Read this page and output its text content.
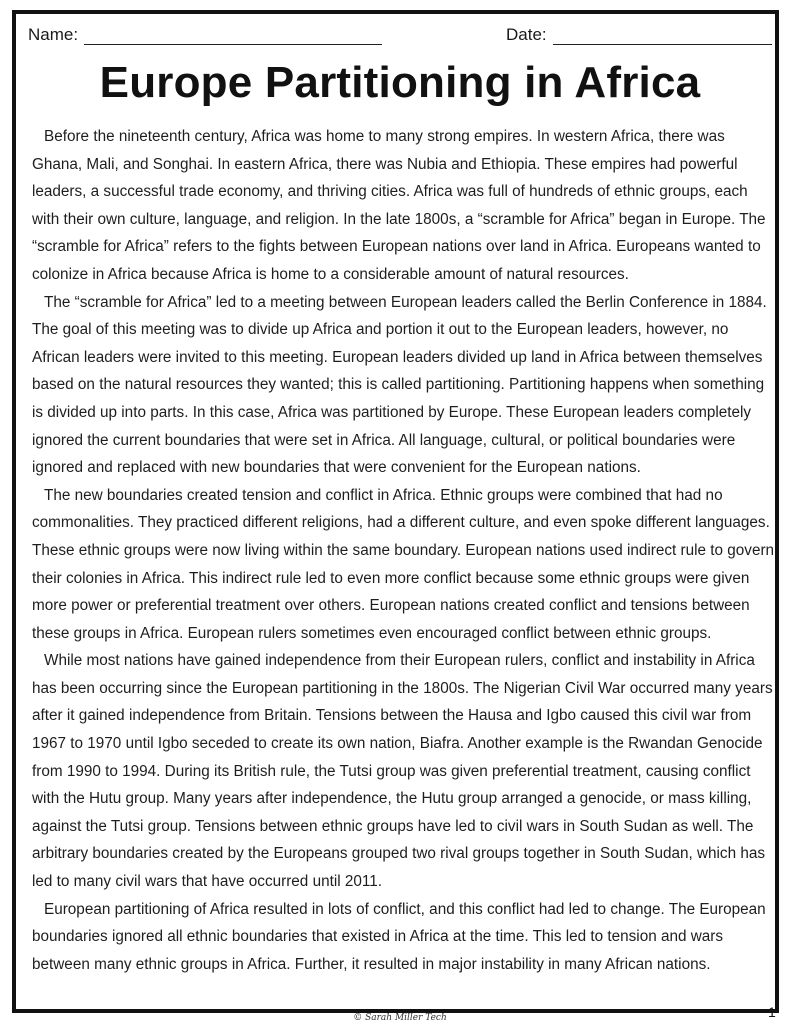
Name:	Date:
Europe Partitioning in Africa

Before the nineteenth century, Africa was home to many strong empires. In western Africa, there was Ghana, Mali, and Songhai. In eastern Africa, there was Nubia and Ethiopia. These empires had powerful leaders, a successful trade economy, and thriving cities. Africa was full of hundreds of ethnic groups, each with their own culture, language, and religion. In the late 1800s, a “scramble for Africa” began in Europe. The “scramble for Africa” refers to the fights between European nations over land in Africa. Europeans wanted to colonize in Africa because Africa is home to a considerable amount of natural resources.

The “scramble for Africa” led to a meeting between European leaders called the Berlin Conference in 1884. The goal of this meeting was to divide up Africa and portion it out to the European leaders, however, no African leaders were invited to this meeting. European leaders divided up land in Africa between themselves based on the natural resources they wanted; this is called partitioning. Partitioning happens when something is divided up into parts. In this case, Africa was partitioned by Europe. These European leaders completely ignored the current boundaries that were set in Africa. All language, cultural, or political boundaries were ignored and replaced with new boundaries that were convenient for the European nations.

The new boundaries created tension and conflict in Africa. Ethnic groups were combined that had no commonalities. They practiced different religions, had a different culture, and even spoke different languages. These ethnic groups were now living within the same boundary. European nations used indirect rule to govern their colonies in Africa. This indirect rule led to even more conflict because some ethnic groups were given more power or preferential treatment over others. European nations created conflict and tensions between these groups in Africa. European rulers sometimes even encouraged conflict between ethnic groups.

While most nations have gained independence from their European rulers, conflict and instability in Africa has been occurring since the European partitioning in the 1800s. The Nigerian Civil War occurred many years after it gained independence from Britain. Tensions between the Hausa and Igbo caused this civil war from 1967 to 1970 until Igbo seceded to create its own nation, Biafra. Another example is the Rwandan Genocide from 1990 to 1994. During its British rule, the Tutsi group was given preferential treatment, causing conflict with the Hutu group. Many years after independence, the Hutu group arranged a genocide, or mass killing, against the Tutsi group. Tensions between ethnic groups have led to civil wars in South Sudan as well. The arbitrary boundaries created by the Europeans grouped two rival groups together in South Sudan, which has led to many civil wars that have occurred until 2011.

European partitioning of Africa resulted in lots of conflict, and this conflict had led to change. The European boundaries ignored all ethnic boundaries that existed in Africa at the time. This led to tension and wars between many ethnic groups in Africa. Further, it resulted in major instability in many African nations.

© Sarah Miller Tech	1
